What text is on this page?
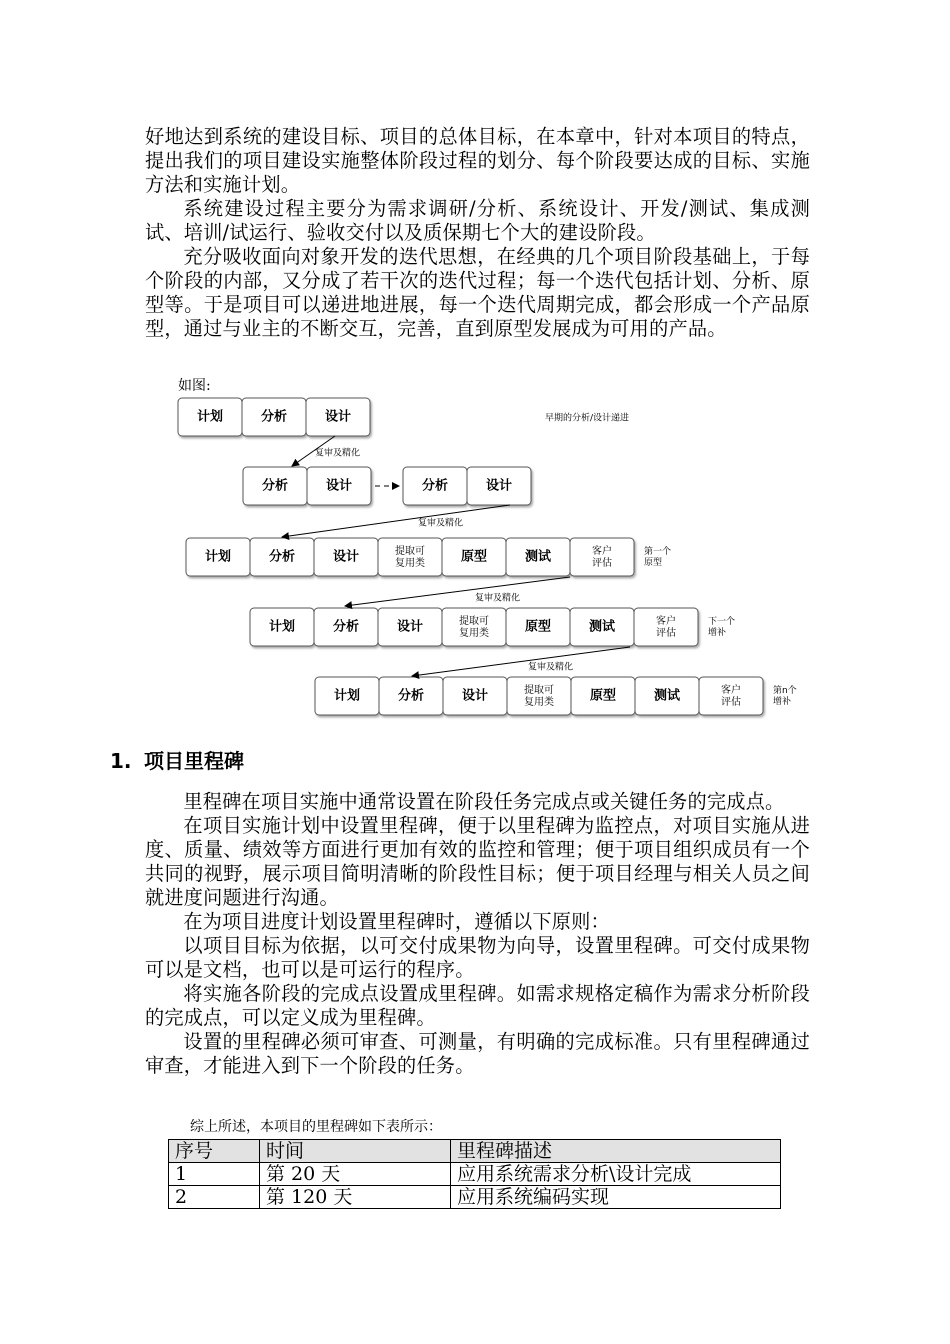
好地达到系统的建设目标、项目的总体目标，在本章中，针对本项目的特点，提出我们的项目建设实施整体阶段过程的划分、每个阶段要达成的目标、实施方法和实施计划。

系统建设过程主要分为需求调研/分析、系统设计、开发/测试、集成测试、培训/试运行、验收交付以及质保期七个大的建设阶段。

充分吸收面向对象开发的迭代思想，在经典的几个项目阶段基础上，于每个阶段的内部，又分成了若干次的迭代过程；每一个迭代包括计划、分析、原型等。于是项目可以递进地进展，每一个迭代周期完成，都会形成一个产品原型，通过与业主的不断交互，完善，直到原型发展成为可用的产品。

如图:
早期的分析/设计递进
计划	分析	设计
分析	设计	分析	设计
计划	分析	设计	提取可
复用类	原型	测试	客户
评估
第一个
原型
计划	分析	设计	提取可
复用类	原型	测试	客户
评估
下一个
增补
计划	分析	设计	提取可
复用类	原型	测试	客户
评估
第n个
增补
复审及精化
复审及精化
复审及精化
复审及精化
1. 项目里程碑

里程碑在项目实施中通常设置在阶段任务完成点或关键任务的完成点。

在项目实施计划中设置里程碑，便于以里程碑为监控点，对项目实施从进度、质量、绩效等方面进行更加有效的监控和管理；便于项目组织成员有一个共同的视野，展示项目简明清晰的阶段性目标；便于项目经理与相关人员之间就进度问题进行沟通。

在为项目进度计划设置里程碑时，遵循以下原则：

以项目目标为依据，以可交付成果物为向导，设置里程碑。可交付成果物可以是文档，也可以是可运行的程序。

将实施各阶段的完成点设置成里程碑。如需求规格定稿作为需求分析阶段的完成点，可以定义成为里程碑。

设置的里程碑必须可审查、可测量，有明确的完成标准。只有里程碑通过审查，才能进入到下一个阶段的任务。

综上所述，本项目的里程碑如下表所示：
序号	时间	里程碑描述
1	第 20 天	应用系统需求分析\设计完成
2	第 120 天	应用系统编码实现
